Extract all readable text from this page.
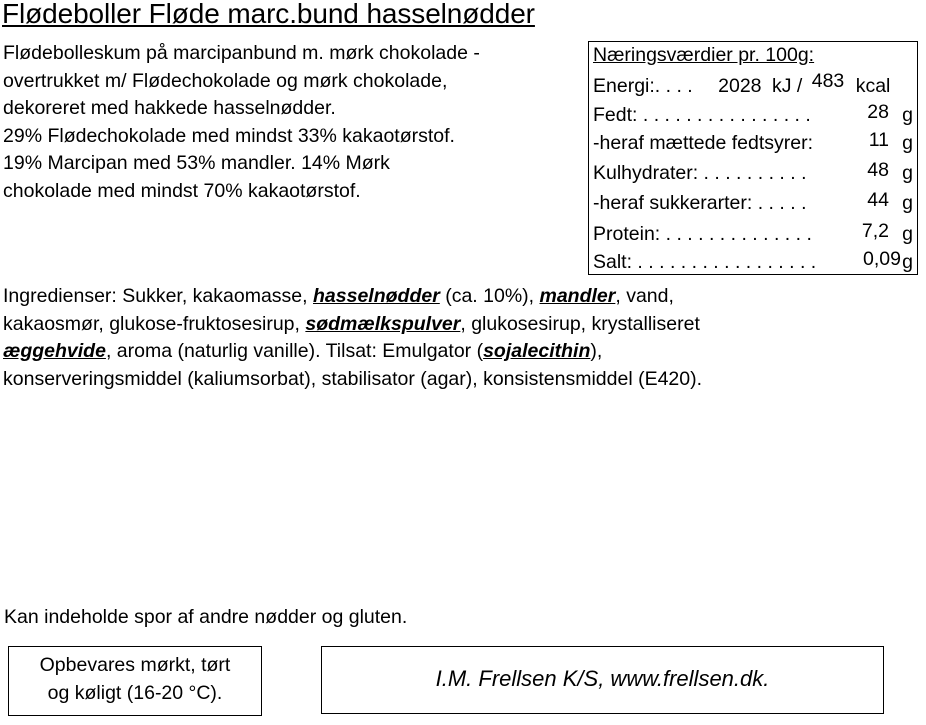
Flødeboller Fløde marc.bund hasselnødder
Flødebolleskum på marcipanbund m. mørk chokolade -
overtrukket m/ Flødechokolade og mørk chokolade,
dekoreret med hakkede hasselnødder.
29% Flødechokolade med mindst 33% kakaotørstof.
19% Marcipan med 53% mandler. 14% Mørk
chokolade med mindst 70% kakaotørstof.
Næringsværdier pr. 100g:
Energi:. . . . 2028 kJ / 483 kcal
Fedt: . . . . . . . . . . . . . . . .	28 g
-heraf mættede fedtsyrer:	11 g
Kulhydrater: . . . . . . . . . .	48 g
-heraf sukkerarter: . . . . .	44 g
Protein: . . . . . . . . . . . . . .	7,2 g
Salt: . . . . . . . . . . . . . . . . . 0,09 g
Ingredienser: Sukker, kakaomasse, hasselnødder (ca. 10%), mandler, vand,
kakaosmør, glukose-fruktosesirup, sødmælkspulver, glukosesirup, krystalliseret
æggehvide, aroma (naturlig vanille). Tilsat: Emulgator (sojalecithin),
konserveringsmiddel (kaliumsorbat), stabilisator (agar), konsistensmiddel (E420).
Kan indeholde spor af andre nødder og gluten.
Opbevares mørkt, tørt
og køligt (16-20 °C).
I.M. Frellsen K/S, www.frellsen.dk.
